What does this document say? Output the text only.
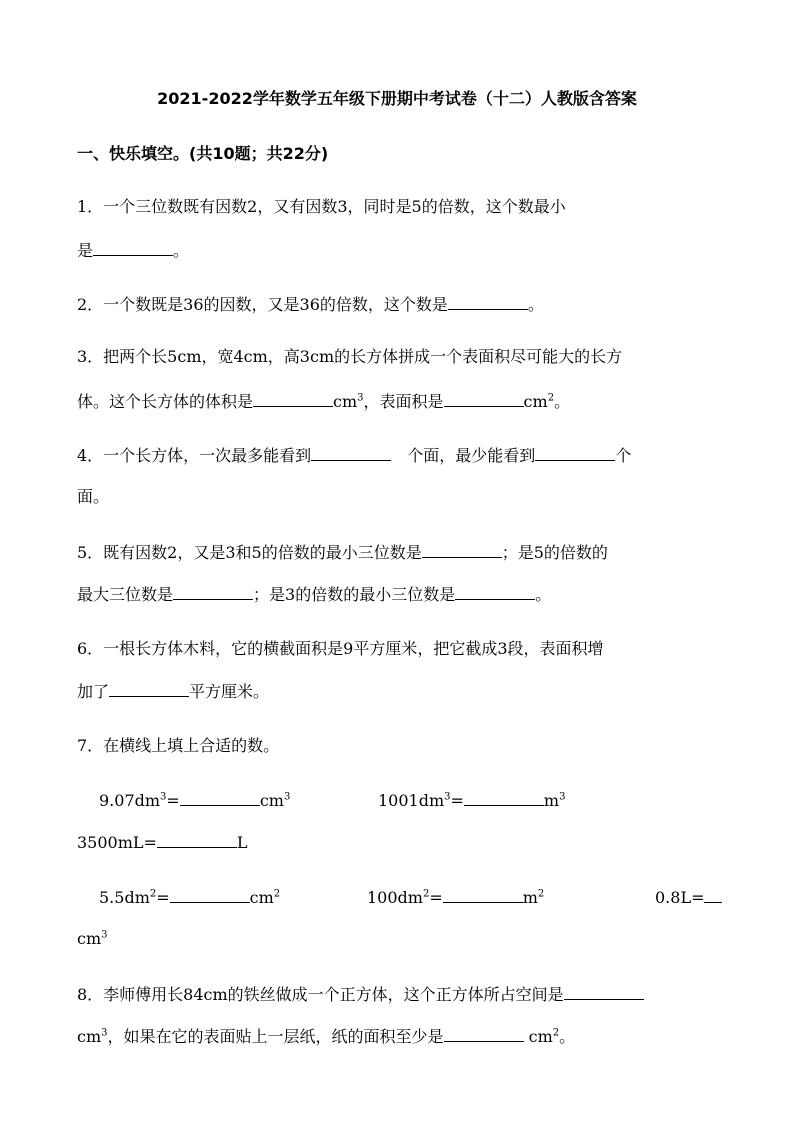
2021-2022学年数学五年级下册期中考试卷（十二）人教版含答案
一、快乐填空。(共10题；共22分)
1．一个三位数既有因数2，又有因数3，同时是5的倍数，这个数最小
是	。
2．一个数既是36的因数，又是36的倍数，这个数是	。
3．把两个长5cm，宽4cm，高3cm的长方体拼成一个表面积尽可能大的长方
体。这个长方体的体积是	$cm^3$，表面积是	$cm^2$。
4．一个长方体，一次最多能看到	　个面，最少能看到	个
面。
5．既有因数2，又是3和5的倍数的最小三位数是	；是5的倍数的
最大三位数是	；是3的倍数的最小三位数是	。
6．一根长方体木料，它的横截面积是9平方厘米，把它截成3段，表面积增
加了	平方厘米。
7．在横线上填上合适的数。
$9.07dm^3=$	$cm^3$	$1001dm^3=$	$m^3$
3500mL=	L
$5.5dm^2=$	$cm^2$	$100dm^2=$	$m^2$	0.8L=
$cm^3$
8．李师傅用长84cm的铁丝做成一个正方体，这个正方体所占空间是
$cm^3$，如果在它的表面贴上一层纸，纸的面积至少是	$cm^2$。
